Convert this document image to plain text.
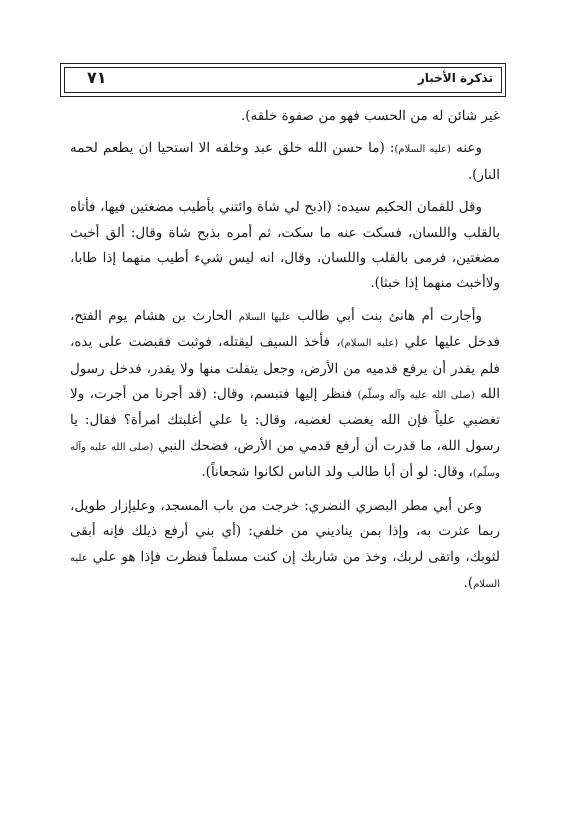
تذكرة الأخبار
٧١

غير شائن له من الحسب فهو من صفوة خلقه).

وعنه (عليه السلام): (ما حسن الله خلق عبد وخلقه الا استحيا ان يطعم لحمه النار).

وقل للقمان الحكيم سيده: (اذبح لي شاة وائتني بأطيب مضغتين فيها، فأتاه بالقلب واللسان، فسكت عنه ما سكت، ثم أمره بذبح شاة وقال: ألق أخبث مضغتين، فرمى بالقلب واللسان، وقال، انه ليس شيء أطيب منهما إذا طابا، ولاأخبث منهما إذا خبثا).

وأجارت أم هانئ بنت أبي طالب عليها السلام الحارث بن هشام يوم الفتح، فدخل عليها علي (عليه السلام)، فأخذ السيف ليقتله، فوثبت فقبضت على يده، فلم يقدر أن يرفع قدميه من الأرض، وجعل يتفلت منها ولا يقدر، فدخل رسول الله (صلى الله عليه وآله وسلّم) فنظر إليها فتبسم، وقال: (قد أجرنا من أجرت، ولا تغضبي علياً فإن الله يغضب لغضبه، وقال: يا علي أغلبتك امرأة؟ فقال: يا رسول الله، ما قدرت أن أرفع قدمي من الأرض، فضحك النبي (صلى الله عليه وآله وسلّم)، وقال: لو أن أبا طالب ولد الناس لكانوا شجعاناً).

وعن أبي مطر البصري النضري: خرجت من باب المسجد، وعليإزار طويل، ربما عثرت به، وإذا بمن يناديني من خلفي: (أي بني أرفع ذيلك فإنه أبقى لثوبك، واتقى لربك، وخذ من شاربك إن كنت مسلماً فنظرت فإذا هو علي عليه السلام).
